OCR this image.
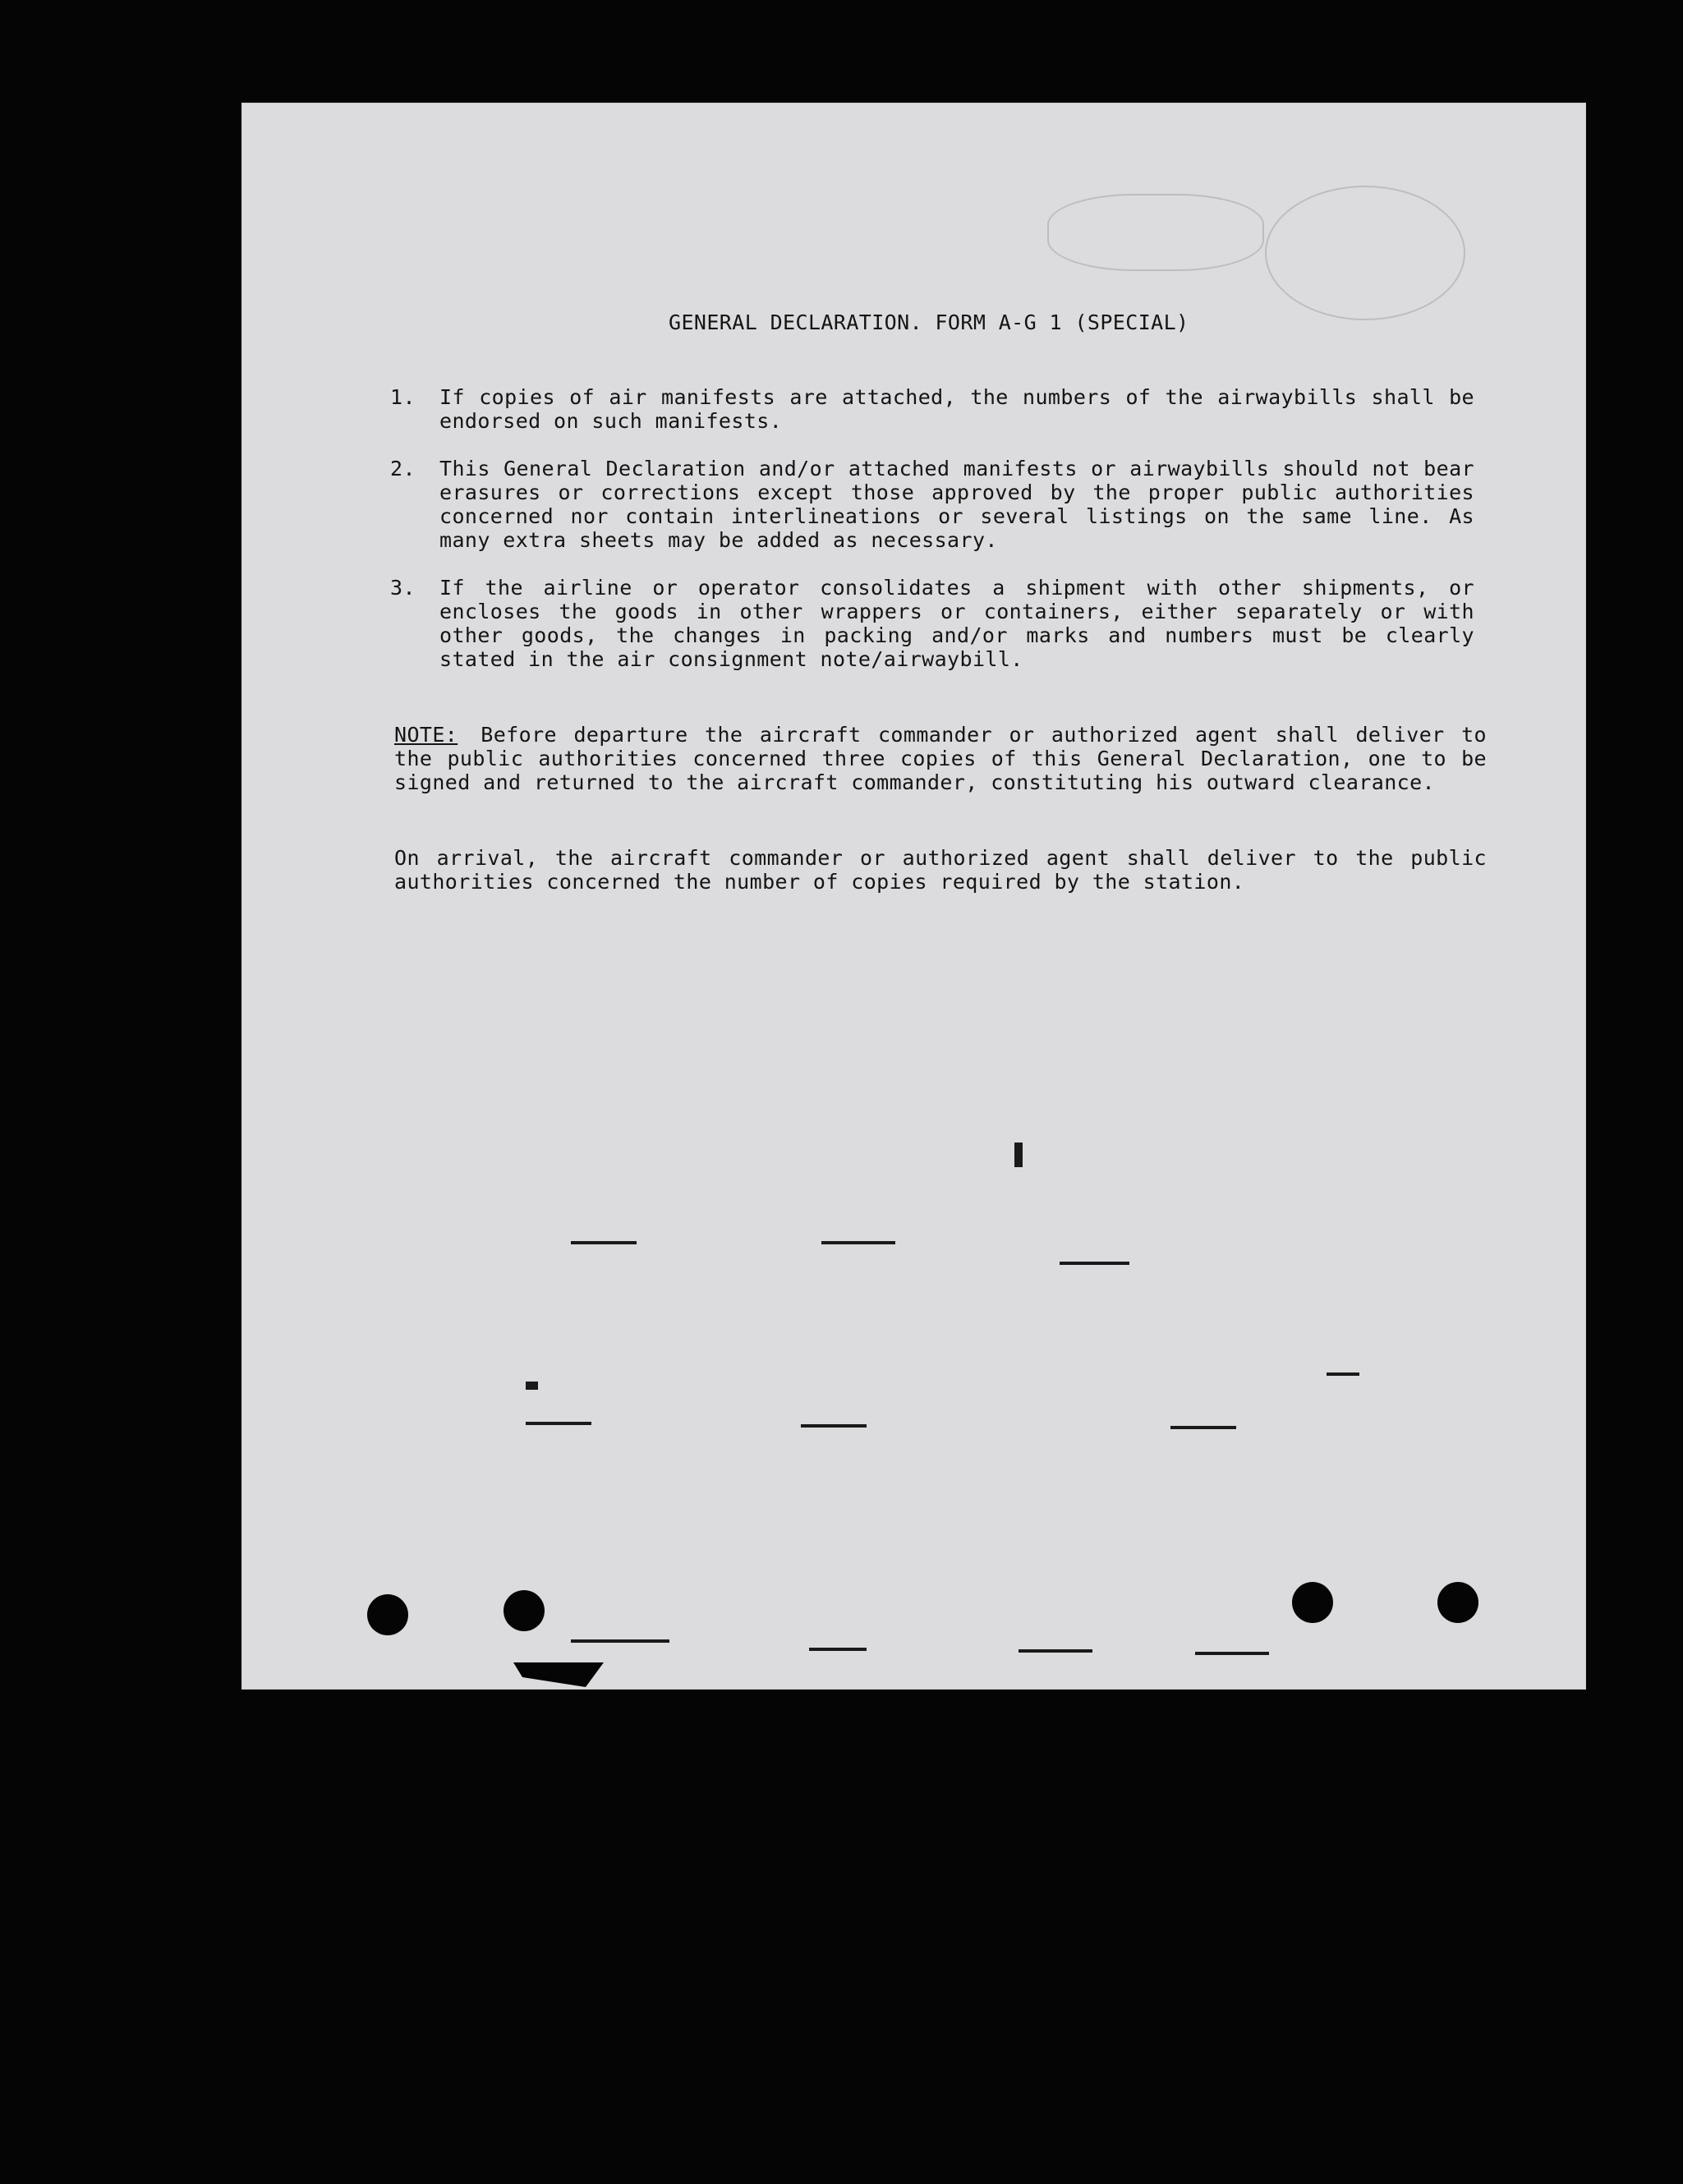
GENERAL DECLARATION. FORM A-G 1 (SPECIAL)
1. If copies of air manifests are attached, the numbers of the airwaybills shall be endorsed on such manifests.
2. This General Declaration and/or attached manifests or airwaybills should not bear erasures or corrections except those approved by the proper public authorities concerned nor contain interlineations or several listings on the same line. As many extra sheets may be added as necessary.
3. If the airline or operator consolidates a shipment with other shipments, or encloses the goods in other wrappers or containers, either separately or with other goods, the changes in packing and/or marks and numbers must be clearly stated in the air consignment note/airwaybill.
NOTE: Before departure the aircraft commander or authorized agent shall deliver to the public authorities concerned three copies of this General Declaration, one to be signed and returned to the aircraft commander, constituting his outward clearance.
On arrival, the aircraft commander or authorized agent shall deliver to the public authorities concerned the number of copies required by the station.
